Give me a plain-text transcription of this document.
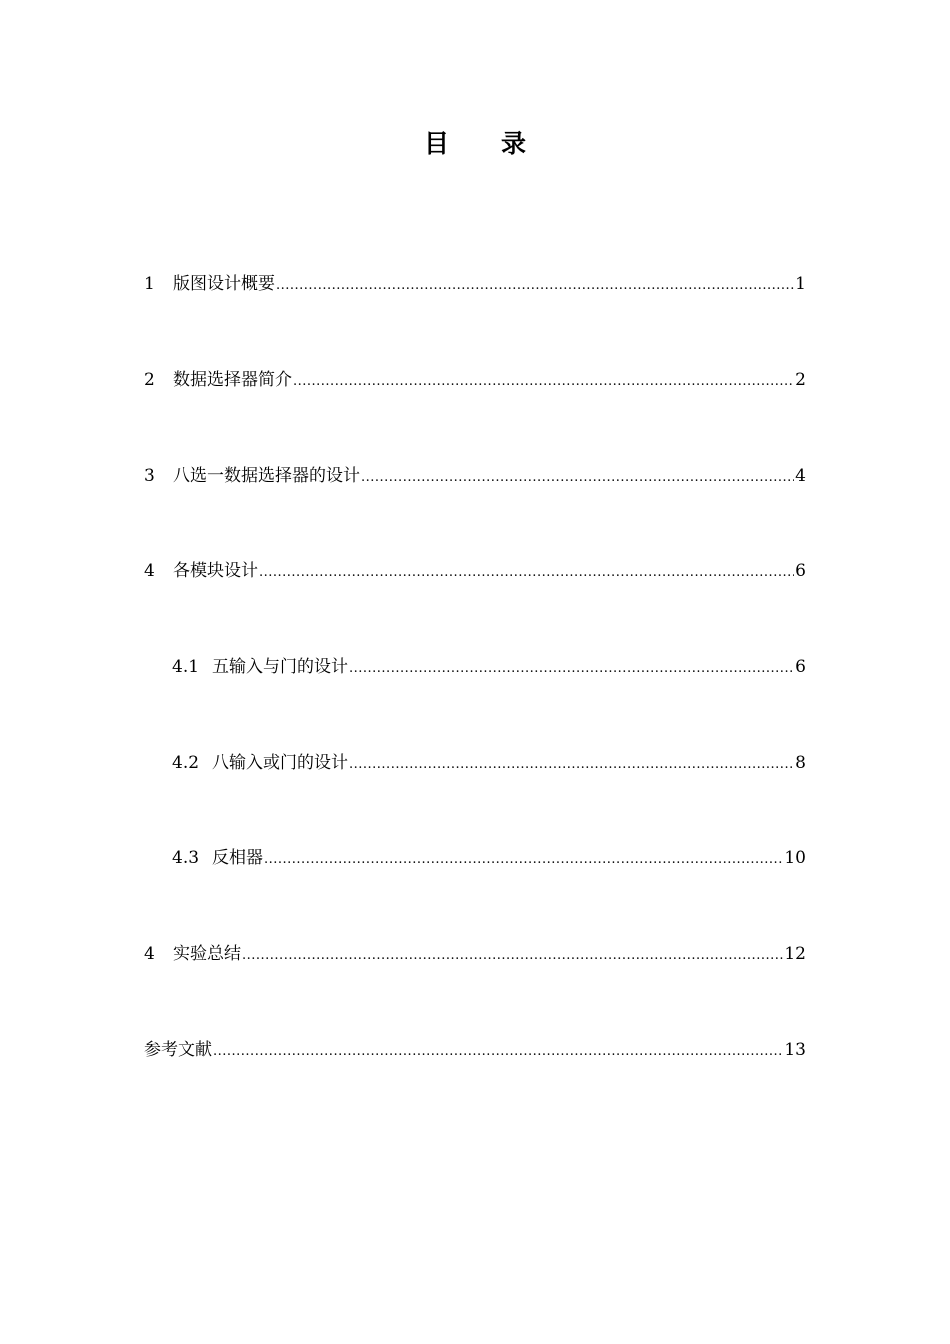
目 录
1	版图设计概要 .....	1
2	数据选择器简介 .....	2
3	八选一数据选择器的设计 .....	4
4	各模块设计 .....	6
4.1 五输入与门的设计 .....	6
4.2 八输入或门的设计 .....	8
4.3 反相器 .....	10
4	实验总结 .....	12
参考文献 .....	13
